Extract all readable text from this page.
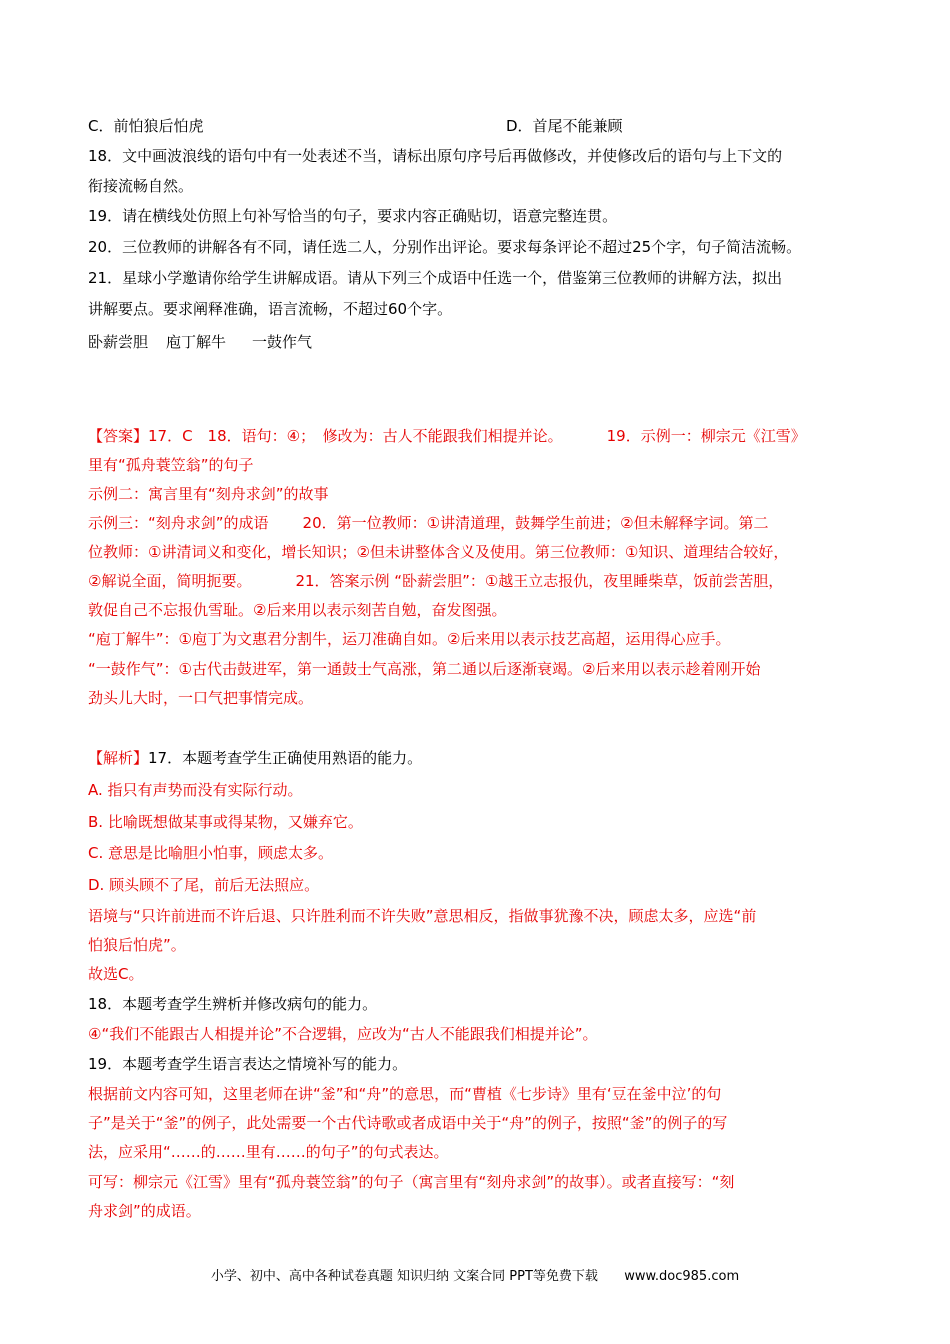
C．前怕狼后怕虎	D．首尾不能兼顾

18．文中画波浪线的语句中有一处表述不当，请标出原句序号后再做修改，并使修改后的语句与上下文的

衔接流畅自然。

19．请在横线处仿照上句补写恰当的句子，要求内容正确贴切，语意完整连贯。

20．三位教师的讲解各有不同，请任选二人，分别作出评论。要求每条评论不超过25个字，句子简洁流畅。

21．星球小学邀请你给学生讲解成语。请从下列三个成语中任选一个，借鉴第三位教师的讲解方法，拟出

讲解要点。要求阐释准确，语言流畅，不超过60个字。

卧薪尝胆 庖丁解牛 一鼓作气
【答案】17．C　18．语句：④；　修改为：古人不能跟我们相提并论。	19．示例一：柳宗元《江雪》

里有“孤舟蓑笠翁”的句子

示例二：寓言里有“刻舟求剑”的故事

示例三：“刻舟求剑”的成语 20．第一位教师：①讲清道理，鼓舞学生前进；②但未解释字词。第二

位教师：①讲清词义和变化，增长知识；②但未讲整体含义及使用。第三位教师：①知识、道理结合较好，

②解说全面，简明扼要。	21．答案示例 “卧薪尝胆”：①越王立志报仇，夜里睡柴草，饭前尝苦胆，

敦促自己不忘报仇雪耻。②后来用以表示刻苦自勉，奋发图强。

“庖丁解牛”：①庖丁为文惠君分割牛，运刀准确自如。②后来用以表示技艺高超，运用得心应手。

“一鼓作气”：①古代击鼓进军，第一通鼓士气高涨，第二通以后逐渐衰竭。②后来用以表示趁着刚开始

劲头儿大时，一口气把事情完成。

【解析】17．本题考查学生正确使用熟语的能力。

A. 指只有声势而没有实际行动。

B. 比喻既想做某事或得某物，又嫌弃它。

C. 意思是比喻胆小怕事，顾虑太多。

D. 顾头顾不了尾，前后无法照应。

语境与“只许前进而不许后退、只许胜利而不许失败”意思相反，指做事犹豫不决，顾虑太多，应选“前

怕狼后怕虎”。

故选C。

18．本题考查学生辨析并修改病句的能力。

④“我们不能跟古人相提并论”不合逻辑，应改为“古人不能跟我们相提并论”。

19．本题考查学生语言表达之情境补写的能力。

根据前文内容可知，这里老师在讲“釜”和“舟”的意思，而“曹植《七步诗》里有‘豆在釜中泣’的句

子”是关于“釜”的例子，此处需要一个古代诗歌或者成语中关于“舟”的例子，按照“釜”的例子的写

法，应采用“……的……里有……的句子”的句式表达。

可写：柳宗元《江雪》里有“孤舟蓑笠翁”的句子（寓言里有“刻舟求剑”的故事）。或者直接写：“刻

舟求剑”的成语。

小学、初中、高中各种试卷真题 知识归纳 文案合同 PPT等免费下载 www.doc985.com
